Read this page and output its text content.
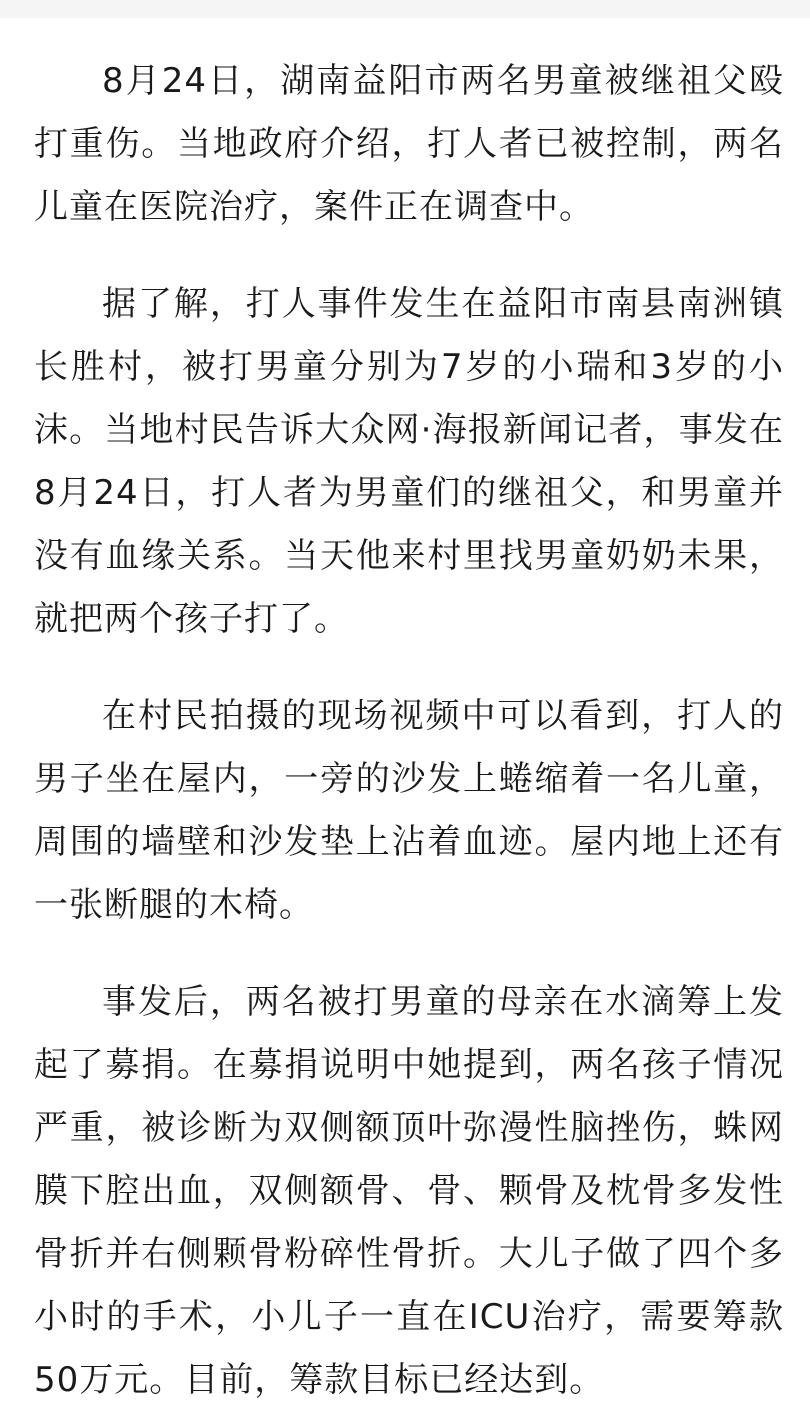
8月24日，湖南益阳市两名男童被继祖父殴打重伤。当地政府介绍，打人者已被控制，两名儿童在医院治疗，案件正在调查中。

据了解，打人事件发生在益阳市南县南洲镇长胜村，被打男童分别为7岁的小瑞和3岁的小沫。当地村民告诉大众网·海报新闻记者，事发在8月24日，打人者为男童们的继祖父，和男童并没有血缘关系。当天他来村里找男童奶奶未果，就把两个孩子打了。

在村民拍摄的现场视频中可以看到，打人的男子坐在屋内，一旁的沙发上蜷缩着一名儿童，周围的墙壁和沙发垫上沾着血迹。屋内地上还有一张断腿的木椅。

事发后，两名被打男童的母亲在水滴筹上发起了募捐。在募捐说明中她提到，两名孩子情况严重，被诊断为双侧额顶叶弥漫性脑挫伤，蛛网膜下腔出血，双侧额骨、骨、颗骨及枕骨多发性骨折并右侧颗骨粉碎性骨折。大儿子做了四个多小时的手术，小儿子一直在ICU治疗，需要筹款50万元。目前，筹款目标已经达到。
